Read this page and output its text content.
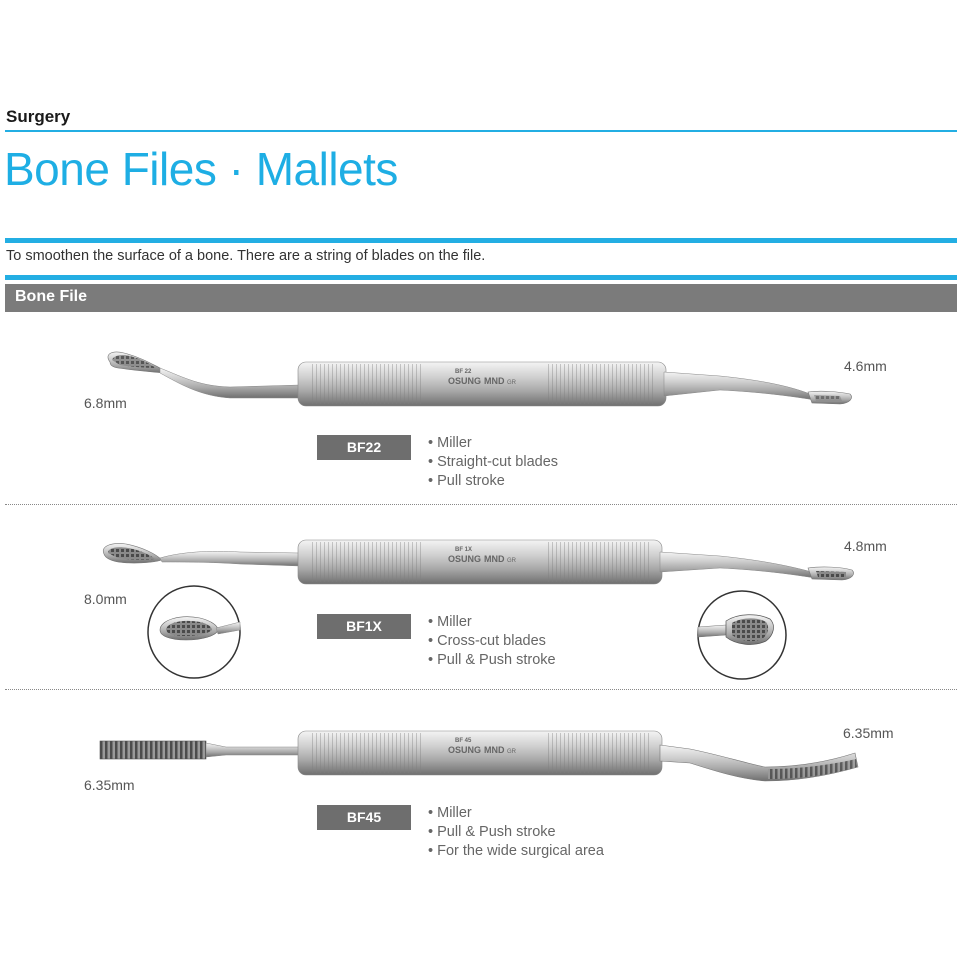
Surgery
Bone Files · Mallets
To smoothen the surface of a bone. There are a string of blades on the file.
Bone File
BF 22
OSUNG MND GR
6.8mm
4.6mm
BF22	• Miller
• Straight-cut blades
• Pull stroke
BF 1X
OSUNG MND GR
8.0mm
4.8mm
BF1X	• Miller
• Cross-cut blades
• Pull & Push stroke
BF 45
OSUNG MND GR
6.35mm
6.35mm
BF45	• Miller
• Pull & Push stroke
• For the wide surgical area
